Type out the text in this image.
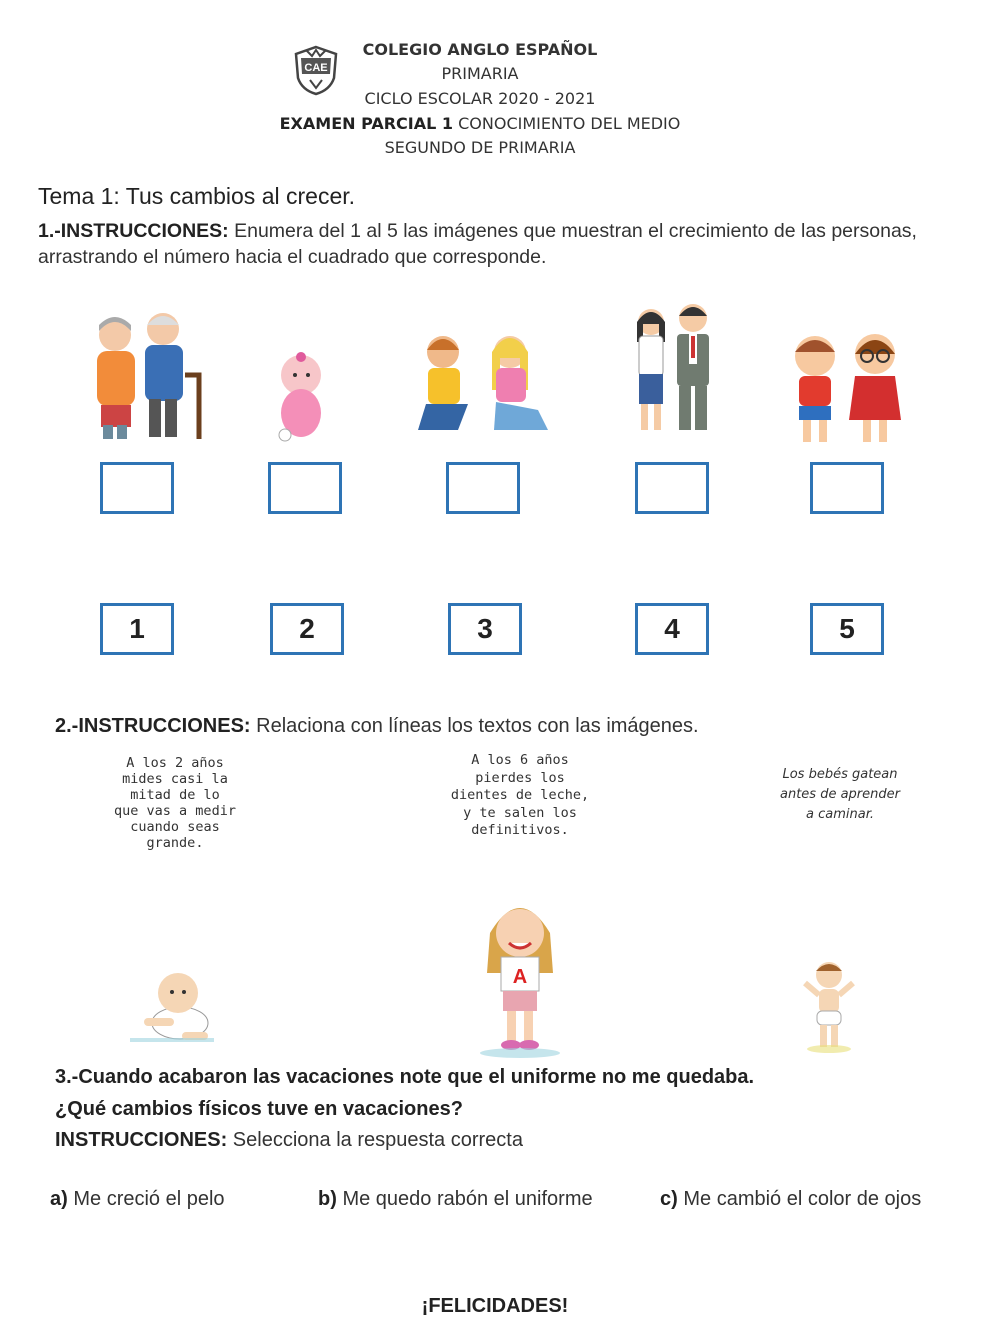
CAE
COLEGIO ANGLO ESPAÑOL
PRIMARIA
CICLO ESCOLAR 2020 - 2021
EXAMEN PARCIAL 1 CONOCIMIENTO DEL MEDIO
SEGUNDO DE PRIMARIA
Tema 1: Tus cambios al crecer.
1.-INSTRUCCIONES: Enumera del 1 al 5 las imágenes que muestran el crecimiento de las personas, arrastrando el número hacia el cuadrado que corresponde.
1	2	3	4	5
2.-INSTRUCCIONES: Relaciona con líneas los textos con las imágenes.
A los 2 años
mides casi la
mitad de lo
que vas a medir
cuando seas
grande.
A los 6 años
pierdes los
dientes de leche,
y te salen los
definitivos.
Los bebés gatean
antes de aprender
a caminar.
A
3.-Cuando acabaron las vacaciones note que el uniforme no me quedaba.
¿Qué cambios físicos tuve en vacaciones?
INSTRUCCIONES: Selecciona la respuesta correcta
a) Me creció el pelo	b) Me quedo rabón el uniforme	c) Me cambió el color de ojos
¡FELICIDADES!
